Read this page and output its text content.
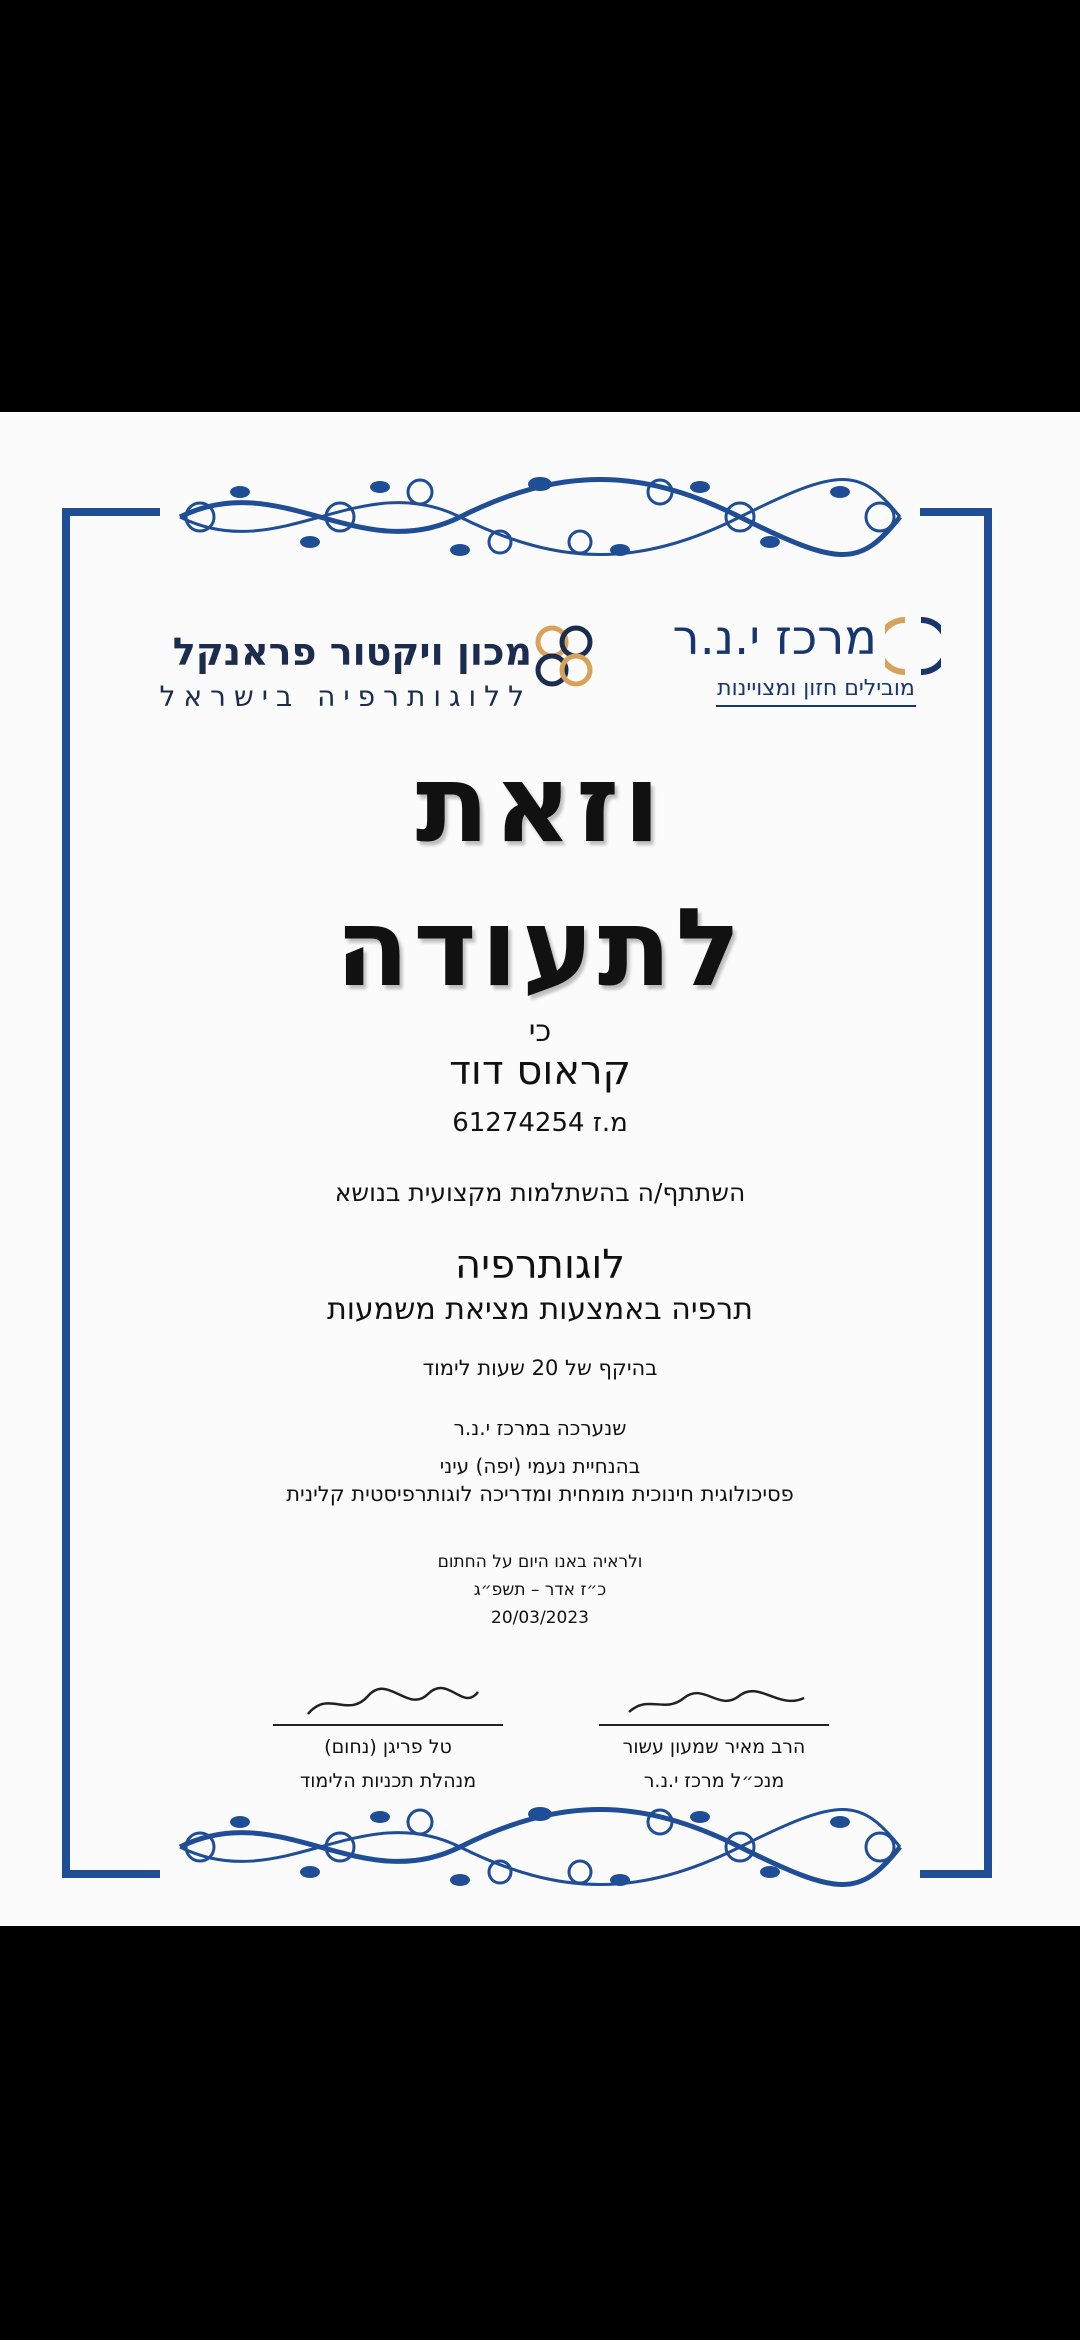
מכון ויקטור פראנקל
ללוגותרפיה בישראל
מרכז י.נ.ר
מובילים חזון ומצויינות
וזאת
לתעודה
כי
קראוס דוד
מ.ז 61274254
השתתף/ה בהשתלמות מקצועית בנושא
לוגותרפיה
תרפיה באמצעות מציאת משמעות
בהיקף של 20 שעות לימוד
שנערכה במרכז י.נ.ר
בהנחיית נעמי (יפה) עיני
פסיכולוגית חינוכית מומחית ומדריכה לוגותרפיסטית קלינית
ולראיה באנו היום על החתום
כ״ז אדר – תשפ״ג
20/03/2023
טל פריגן (נחום)
מנהלת תכניות הלימוד
הרב מאיר שמעון עשור
מנכ״ל מרכז י.נ.ר
